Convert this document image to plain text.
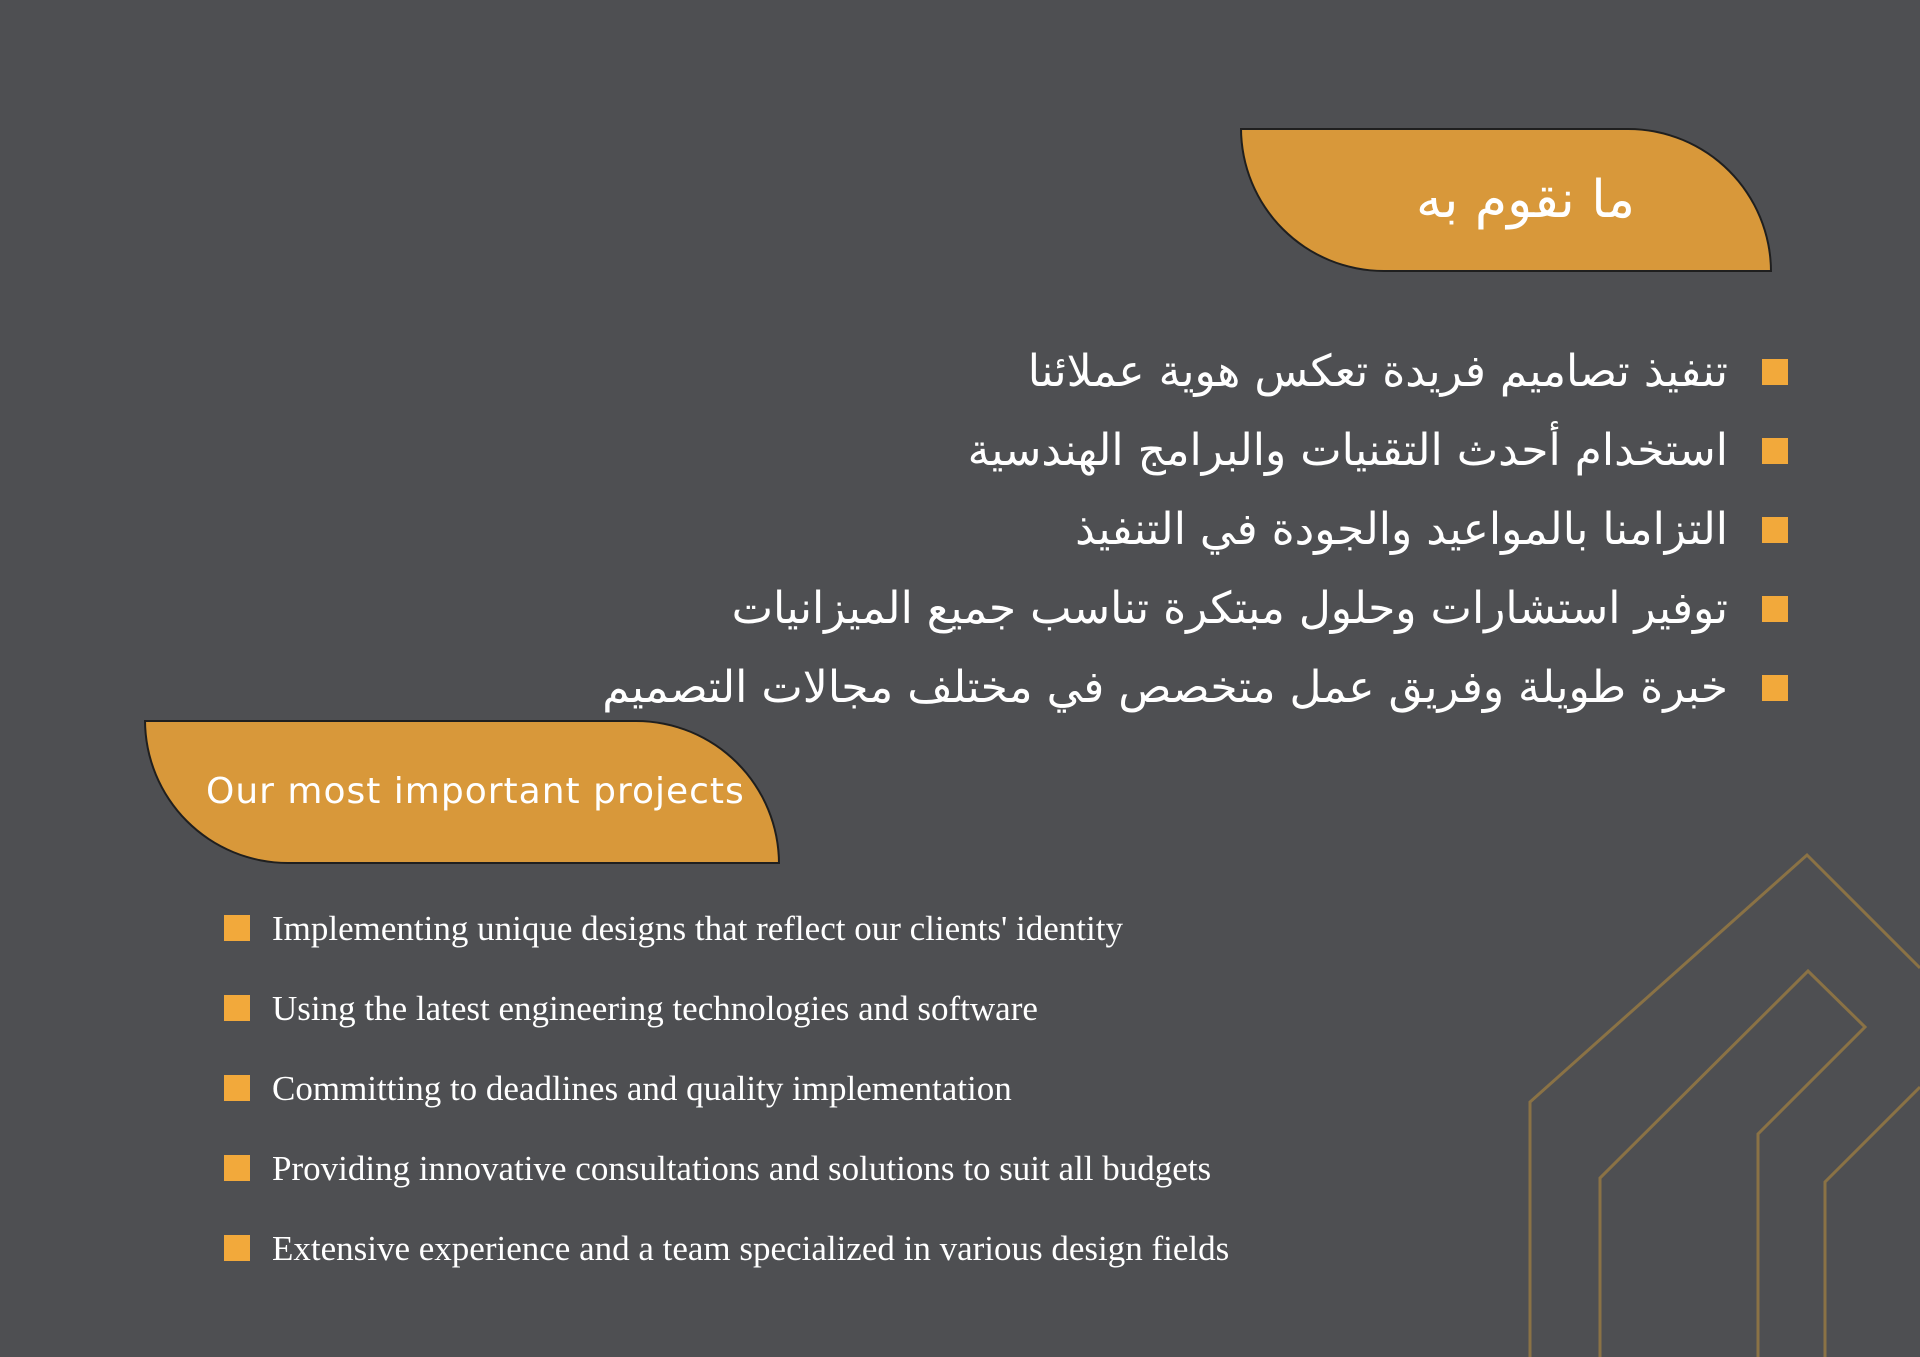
ما نقوم به
تنفيذ تصاميم فريدة تعكس هوية عملائنا
استخدام أحدث التقنيات والبرامج الهندسية
التزامنا بالمواعيد والجودة في التنفيذ
توفير استشارات وحلول مبتكرة تناسب جميع الميزانيات
خبرة طويلة وفريق عمل متخصص في مختلف مجالات التصميم
Our most important projects
Implementing unique designs that reflect our clients' identity
Using the latest engineering technologies and software
Committing to deadlines and quality implementation
Providing innovative consultations and solutions to suit all budgets
Extensive experience and a team specialized in various design fields
